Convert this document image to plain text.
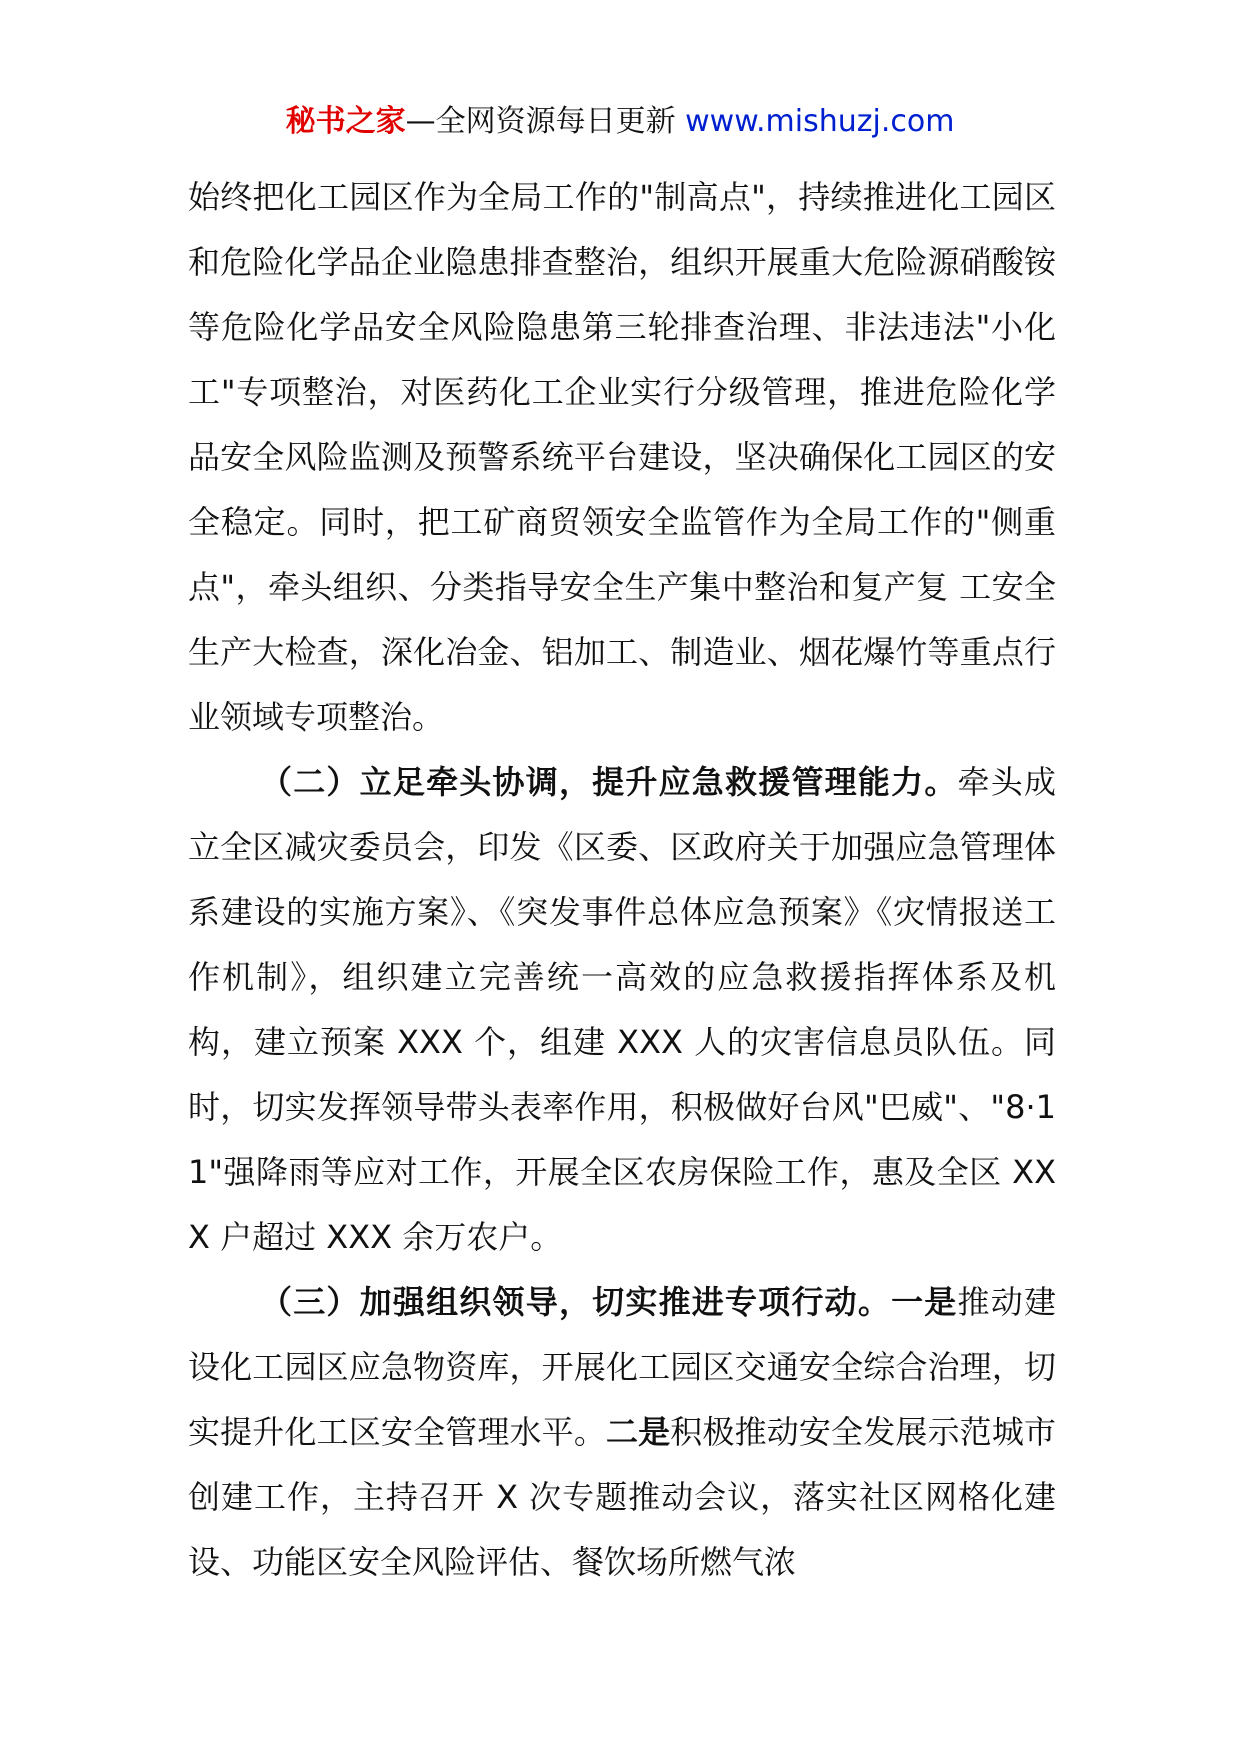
秘书之家—全网资源每日更新 www.mishuzj.com

始终把化工园区作为全局工作的"制高点"，持续推进化工园区和危险化学品企业隐患排查整治，组织开展重大危险源硝酸铵等危险化学品安全风险隐患第三轮排查治理、非法违法"小化工"专项整治，对医药化工企业实行分级管理，推进危险化学品安全风险监测及预警系统平台建设，坚决确保化工园区的安全稳定。同时，把工矿商贸领安全监管作为全局工作的"侧重点"，牵头组织、分类指导安全生产集中整治和复产复 工安全生产大检查，深化冶金、铝加工、制造业、烟花爆竹等重点行业领域专项整治。

（二）立足牵头协调，提升应急救援管理能力。牵头成立全区减灾委员会，印发《区委、区政府关于加强应急管理体系建设的实施方案》、《突发事件总体应急预案》《灾情报送工作机制》，组织建立完善统一高效的应急救援指挥体系及机构，建立预案 XXX 个，组建 XXX 人的灾害信息员队伍。同时，切实发挥领导带头表率作用，积极做好台风"巴威"、"8·11"强降雨等应对工作，开展全区农房保险工作，惠及全区 XXX 户超过 XXX 余万农户。

（三）加强组织领导，切实推进专项行动。一是推动建设化工园区应急物资库，开展化工园区交通安全综合治理，切实提升化工区安全管理水平。二是积极推动安全发展示范城市创建工作，主持召开 X 次专题推动会议，落实社区网格化建设、功能区安全风险评估、餐饮场所燃气浓
